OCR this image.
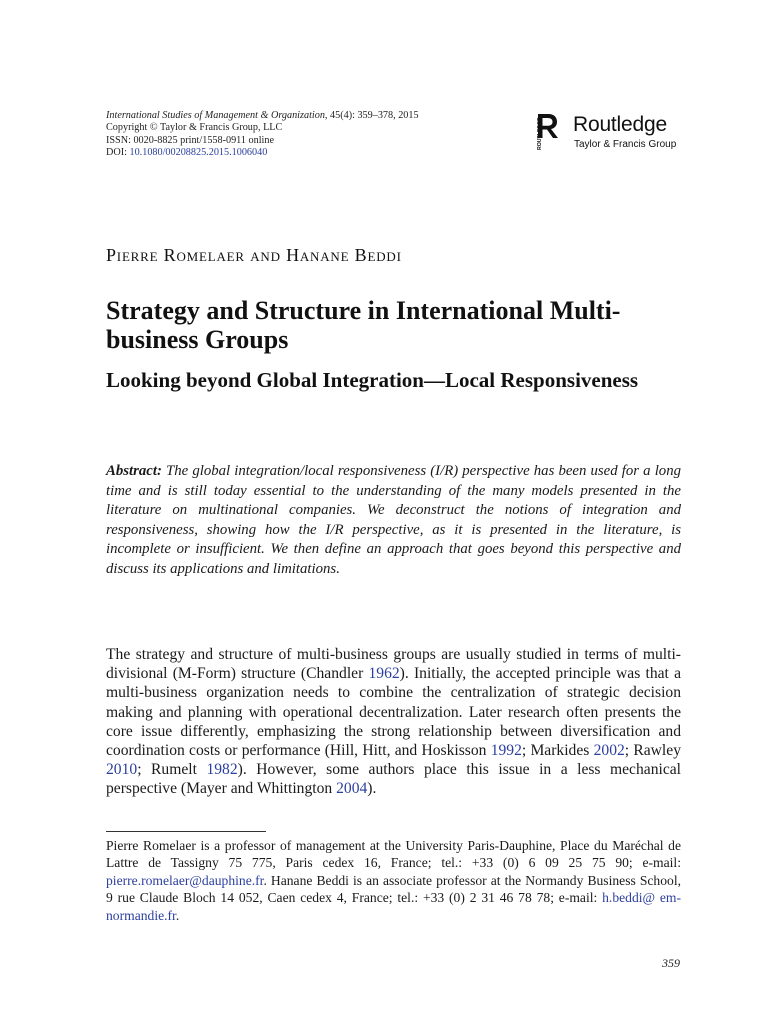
International Studies of Management & Organization, 45(4): 359–378, 2015
Copyright © Taylor & Francis Group, LLC
ISSN: 0020-8825 print/1558-0911 online
DOI: 10.1080/00208825.2015.1006040
ROUTLEDGE Routledge
Taylor & Francis Group
Pierre Romelaer and Hanane Beddi
Strategy and Structure in International Multi-business Groups
Looking beyond Global Integration—Local Responsiveness

Abstract: The global integration/local responsiveness (I/R) perspective has been used for a long time and is still today essential to the understanding of the many models presented in the literature on multinational companies. We deconstruct the notions of integration and responsiveness, showing how the I/R perspective, as it is presented in the literature, is incomplete or insufficient. We then define an approach that goes beyond this perspective and discuss its applications and limitations.

The strategy and structure of multi-business groups are usually studied in terms of multi-divisional (M-Form) structure (Chandler 1962). Initially, the accepted principle was that a multi-business organization needs to combine the centralization of strategic decision making and planning with operational decentralization. Later research often presents the core issue differently, emphasizing the strong relationship between diversification and coordination costs or performance (Hill, Hitt, and Hoskisson 1992; Markides 2002; Rawley 2010; Rumelt 1982). However, some authors place this issue in a less mechanical perspective (Mayer and Whittington 2004).

Pierre Romelaer is a professor of management at the University Paris-Dauphine, Place du Maréchal de Lattre de Tassigny 75 775, Paris cedex 16, France; tel.: +33 (0) 6 09 25 75 90; e-mail: pierre.romelaer@dauphine.fr. Hanane Beddi is an associate professor at the Normandy Business School, 9 rue Claude Bloch 14 052, Caen cedex 4, France; tel.: +33 (0) 2 31 46 78 78; e-mail: h.beddi@ em-normandie.fr.

359
